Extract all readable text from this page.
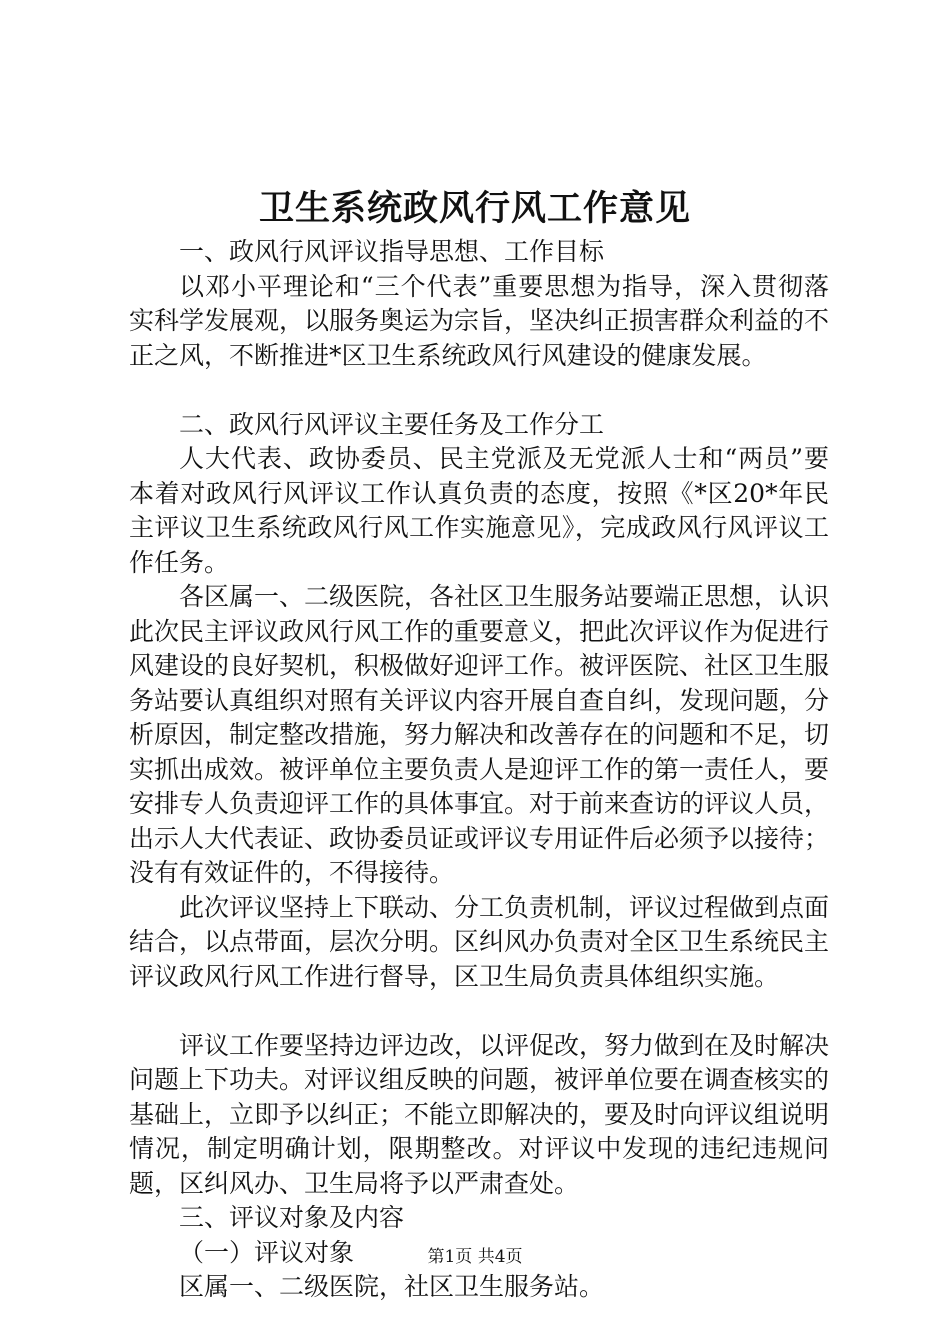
卫生系统政风行风工作意见

一、政风行风评议指导思想、工作目标

以邓小平理论和“三个代表”重要思想为指导，深入贯彻落实科学发展观，以服务奥运为宗旨，坚决纠正损害群众利益的不正之风，不断推进*区卫生系统政风行风建设的健康发展。

二、政风行风评议主要任务及工作分工

人大代表、政协委员、民主党派及无党派人士和“两员”要本着对政风行风评议工作认真负责的态度，按照《*区20*年民主评议卫生系统政风行风工作实施意见》，完成政风行风评议工作任务。

各区属一、二级医院，各社区卫生服务站要端正思想，认识此次民主评议政风行风工作的重要意义，把此次评议作为促进行风建设的良好契机，积极做好迎评工作。被评医院、社区卫生服务站要认真组织对照有关评议内容开展自查自纠，发现问题，分析原因，制定整改措施，努力解决和改善存在的问题和不足，切实抓出成效。被评单位主要负责人是迎评工作的第一责任人，要安排专人负责迎评工作的具体事宜。对于前来查访的评议人员，出示人大代表证、政协委员证或评议专用证件后必须予以接待；没有有效证件的，不得接待。

此次评议坚持上下联动、分工负责机制，评议过程做到点面结合，以点带面，层次分明。区纠风办负责对全区卫生系统民主评议政风行风工作进行督导，区卫生局负责具体组织实施。

评议工作要坚持边评边改，以评促改，努力做到在及时解决问题上下功夫。对评议组反映的问题，被评单位要在调查核实的基础上，立即予以纠正；不能立即解决的，要及时向评议组说明情况，制定明确计划，限期整改。对评议中发现的违纪违规问题，区纠风办、卫生局将予以严肃查处。

三、评议对象及内容

（一）评议对象

区属一、二级医院，社区卫生服务站。

第1页 共4页
